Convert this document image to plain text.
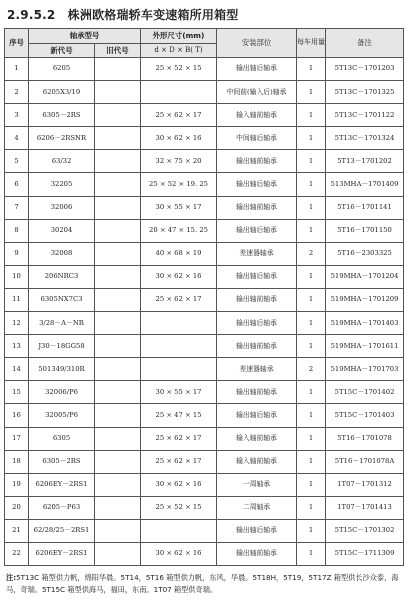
2.9.5.2　株洲欧格瑞轿车变速箱所用箱型
序号	轴承型号		外形尺寸(mm)	安装部位	每车用量	备注
	新代号	旧代号	d × D × B( T)			
1	6205		25 × 52 × 15	输出轴后轴承	1	5T13C－1701203
2	6205X3/19			中间前(输入后)轴承	1	5T13C－1701325
3	6305－2RS		25 × 62 × 17	输入轴前轴承	1	5T13C－1701122
4	6206－2RSNR		30 × 62 × 16	中间轴后轴承	1	5T13C－1701324
5	63/32		32 × 75 × 20	输出轴前轴承	1	5T13－1701202
6	32205		25 × 52 × 19. 25	输出轴后轴承	1	513MHA－1701409
7	32006		30 × 55 × 17	输出轴前轴承	1	5T16－1701141
8	30204		20 × 47 × 15. 25	输出轴后轴承	1	5T16－1701150
9	32008		40 × 68 × 19	差速器轴承	2	5T16－2303325
10	206NRC3		30 × 62 × 16	输出轴后轴承	1	519MHA－1701204
11	6305NX7C3		25 × 62 × 17	输出轴前轴承	1	519MHA－1701209
12	3/28－A－NR			输出轴后轴承	1	519MHA－1701403
13	J30－18GG58			输出轴前轴承	1	519MHA－1701611
14	501349/310R			差速器轴承	2	519MHA－1701703
15	32006/P6		30 × 55 × 17	输出轴前轴承	1	5T15C－1701402
16	32005/P6		25 × 47 × 15	输出轴后轴承	1	5T15C－1701403
17	6305		25 × 62 × 17	输入轴前轴承	1	5T16－1701078
18	6305－2RS		25 × 62 × 17	输入轴前轴承	1	5T16－1701078A
19	6206EY－2RS1		30 × 62 × 16	一周轴承	1	1T07－1701312
20	6205－P63		25 × 52 × 15	二周轴承	1	1T07－1701413
21	62/28/25－2RS1			输出轴后轴承	1	5T15C－1701302
22	6206EY－2RS1		30 × 62 × 16	输出轴前轴承	1	5T15C－1711309
注:5T13C 箱型供力帆，绵阳华晨。5T14，5T16 箱型供力帆，东风，华晨。5T18H，5T19，5T17Z 箱型供长沙众泰，海马，奇瑞。5T15C 箱型供海马，福田，东南。1T07 箱型供奇瑞。
